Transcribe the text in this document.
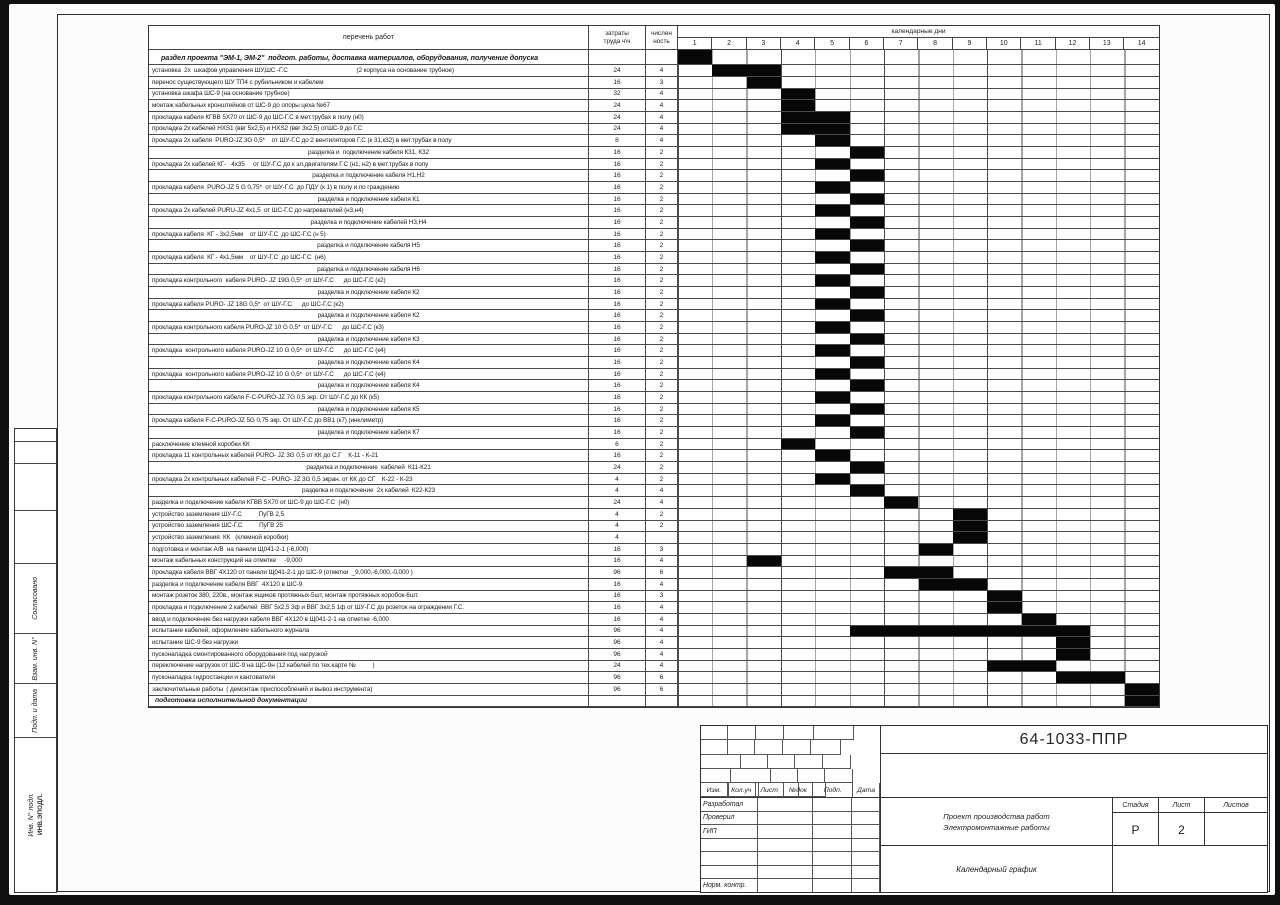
перечень работ
затраты
труда ч\ч
числен
ность
календарные дни
1	2	3	4	5	6	7	8	9	10	11	12	13	14
раздел проекта "ЭМ-1, ЭМ-2"  подгот. работы, доставка материалов, оборудования, получение допуска
установка  2х  шкафов управления ШУ,ШС -Г.С                                         (2 корпуса на основание трубное)	24	4
перенос существующего ШУ ТП4 с рубильником и кабелем	16	3
установка шкафа ШС-9 (на основание трубное)	32	4
монтаж кабельных кронштейнов от ШС-9 до опоры цеха №67	24	4
прокладка кабеля КГВВ 5Х70 от ШС-9 до ШС-Г.С в мет.трубах в полу (н0)	24	4
прокладка 2х кабелей НХS1 (ввг 5х2,5) и НХS2 (ввг 3х2,5) отШС-9 до Г.С	24	4
прокладка 2х кабеля  PURO-JZ 3G 0,5*    от ШУ-Г.С до 2 вентиляторов Г.С (к 31,к32) в мет.трубах в полу	8	4
разделка и  подключение кабеля К31, К32	16	2
прокладка 2х кабелей КГ-   4х35     от ШУ-Г.С до к эл.двигателям Г.С (н1, н2) в мет.трубах в полу	16	2
разделка и подключение кабеля Н1,Н2	16	2
прокладка кабеля  PURO-JZ 5 G 0,75*  от ШУ-Г.С  до ПДУ (к 1) в полу и по граждению	16	2
разделка и подключение кабеля К1	16	2
прокладка 2х кабелей PURU-JZ 4х1,5  от ШС-Г.С до нагревателей (н3,н4)	16	2
разделка и подключение кабелей Н3,Н4	16	2
прокладка кабеля  КГ - 3х2,5мм    от ШУ-Г.С  до ШС-Г.С (н 5)	16	2
разделка и подключение кабеля Н5	16	2
прокладка кабеля  КГ - 4х1,5мм    от ШУ-Г.С  до ШС-Г.С  (н6)	16	2
разделка и подключение кабеля Н6	16	2
прокладка контрольного  кабеля PURO- JZ 19G 0,5*  от ШУ-Г.С      до ШС-Г.С (к2)	16	2
разделка и подключение кабеля К2	16	2
прокладка кабеля PURO- JZ 18G 0,5*  от ШУ-Г.С      до ШС-Г.С (к2)	16	2
разделка и подключение кабеля К2	16	2
прокладка контрольного кабеля PURO-JZ 10 G 0,5*  от ШУ-Г.С      до ШС-Г.С (к3)	16	2
разделка и подключение кабеля К3	16	2
прокладка  контрольного кабеля PURO-JZ 10 G 0,5*  от ШУ-Г.С      до ШС-Г.С (к4)	16	2
разделка и подключение кабеля К4	16	2
прокладка  контрольного кабеля PURO-JZ 10 G 0,5*  от ШУ-Г.С      до ШС-Г.С (к4)	16	2
разделка и подключение кабеля К4	16	2
прокладка контрольного кабеля F-C-PURO-JZ 7G 0,5 экр. От ШУ-Г.С до КК (к5)	16	2
разделка и подключение кабеля К5	16	2
прокладка кабеля F-C-PURO-JZ 5G 0,75 экр. От ШУ-Г.С до ВВ1 (к7) (инклиметр)	16	2
разделка и подключение кабеля К7	16	2
расключение клемной коробки КК	6	2
прокладка 11 контрольных кабелей PURO- JZ 3G 0,5 от КК до С.Г    К-11 - К-21	16	2
разделка и подключение  кабелей  К11-К21	24	2
прокладка 2х контрольных кабелей F-C - PURO- JZ 3G 0,5 экран. от КК до СГ    К-22 - К-23	4	2
разделка и подключение  2х кабелей  К22-К23	4	4
разделка и подключение кабеля КГВВ 5Х70 от ШС-9 до ШС-Г.С  (н0)	24	4
устройство заземления ШУ-Г.С          ПуГВ 2,5	4	2
устройство заземления ШС-Г.С          ПуГВ 25	4	2
устройство заземления  КК   (клемной коробки)	4
подготовка и монтаж А/В  на панели Щ041-2-1 (-6,000)	16	3
монтаж кабельных конструкций на отметке     -9,000	16	4
прокладка кабеля ВВГ 4Х120 от панели Щ041-2-1 до ШС-9 (отметки  _9,000,-6,000,-0,000 )	96	6
разделка и подключение кабеля ВВГ  4Х120 в ШС-9	16	4
монтаж розеток 380, 220в., монтаж ящиков протяжных-5шт, монтаж протяжных коробок-6шт.	16	3
прокладка и подключение 2 кабелей  ВВГ 5х2,5 3ф и ВВГ 3х2,5 1ф от ШУ-Г.С до розеток на ограждении Г.С.	16	4
ввод и подключение без нагрузки кабеля ВВГ 4Х120 в Щ041-2-1 на отметке -6,000	16	4
испытание кабелей, оформление кабельного журнала	96	4
испытание ШС-9 без нагрузки	96	4
пусконаладка смонтированного оборудования под нагрузкой	96	4
переключение нагрузок от ШС-9 на ЩС-9н (12 кабелей по тех.карте №          )	24	4
пусконаладка гидростанции и кантователя	96	6
заключительные работы  ( демонтаж приспособлений и вывоз инструмента)	96	6
подготовка исполнительной документации
Согласовано
Взам. инв. N°
Подп. и дата
Инв. N° подл. ИНВ.ЭПОДЛ.
Изм.	Кол.уч	Лист	№док	Подп.	Дата
Разработал
Проверил
ГИП
Норм. контр.
64-1033-ППР
Проект производства работ
Электромонтажные работы
Стадия	Лист	Листов
Р	2
Календарный график
